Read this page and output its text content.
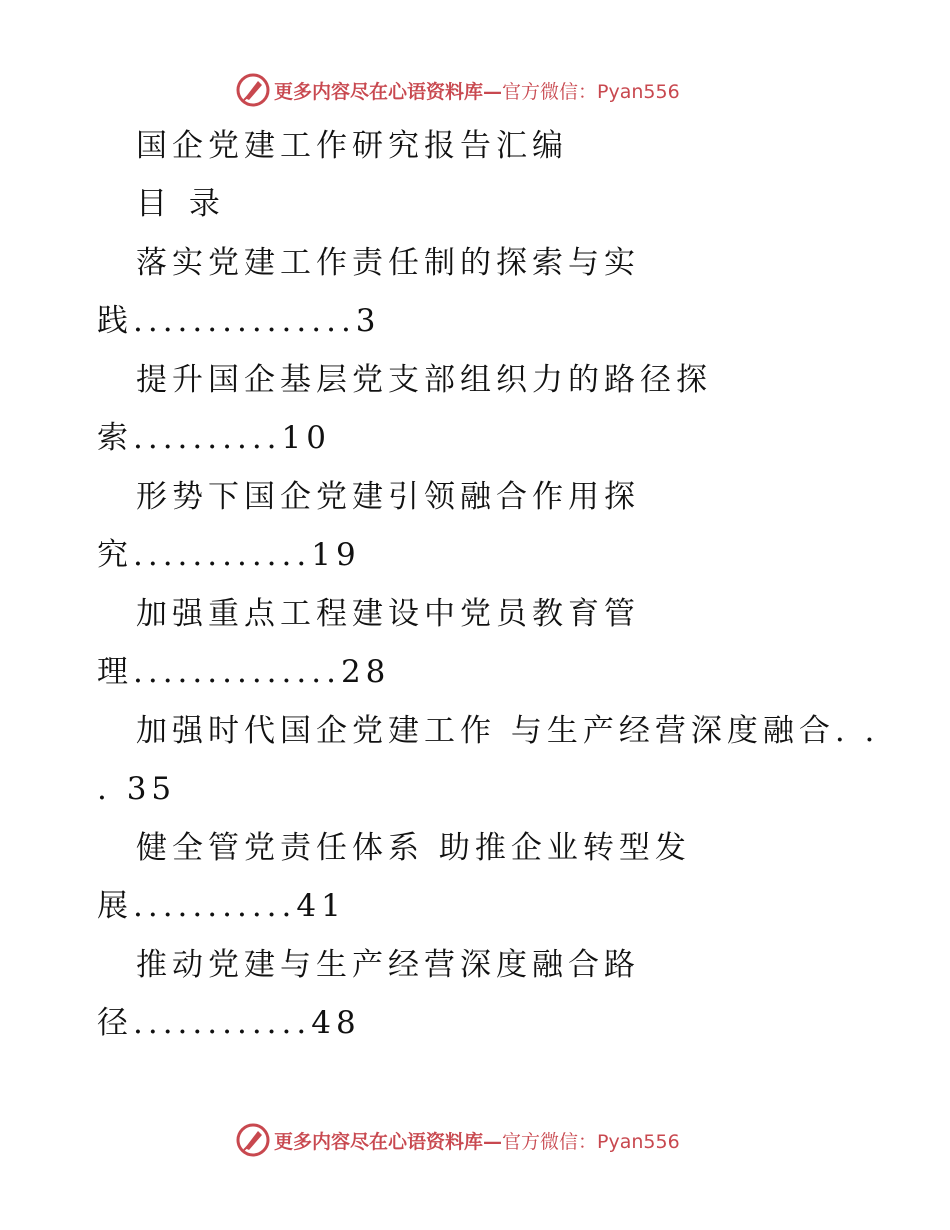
更多内容尽在心语资料库— 官方微信：Pyan556
国企党建工作研究报告汇编
目 录
落实党建工作责任制的探索与实
践...............3
提升国企基层党支部组织力的路径探
索..........10
形势下国企党建引领融合作用探
究............19
加强重点工程建设中党员教育管
理..............28
加强时代国企党建工作 与生产经营深度融合. .
. 35
健全管党责任体系 助推企业转型发
展...........41
推动党建与生产经营深度融合路
径............48
更多内容尽在心语资料库— 官方微信：Pyan556
